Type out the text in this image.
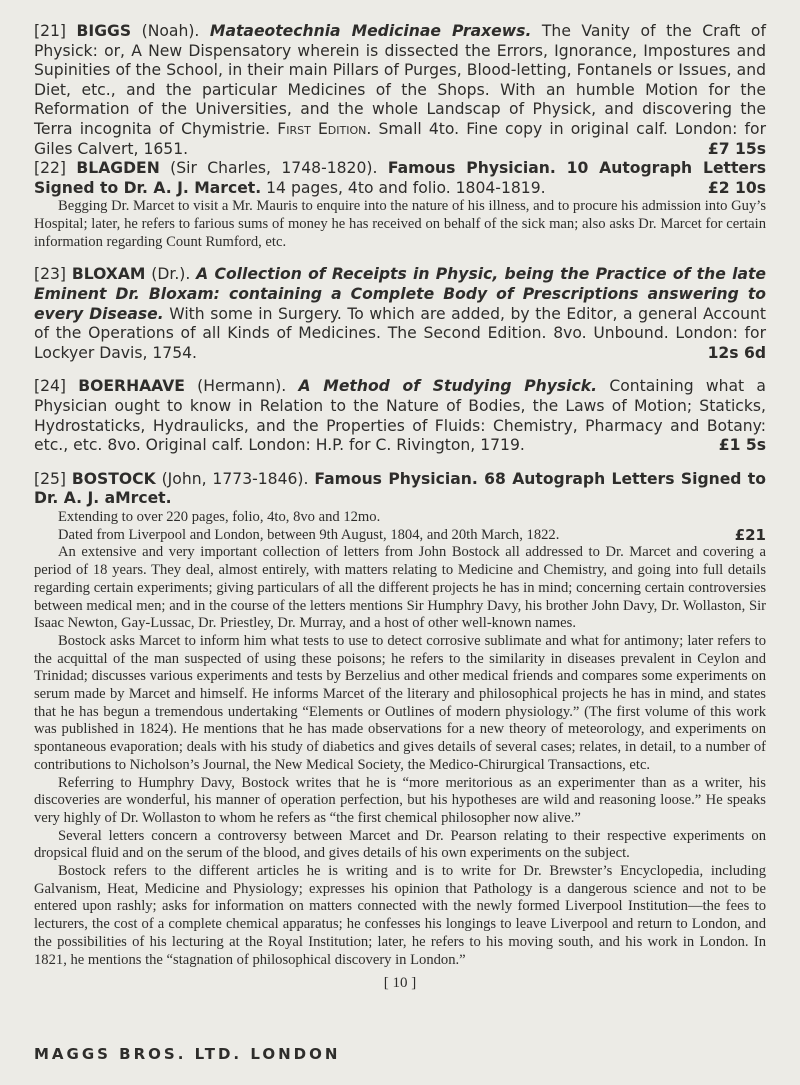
[21] BIGGS (Noah). Mataeotechnia Medicinae Praxews. The Vanity of the Craft of Physick: or, A New Dispensatory wherein is dissected the Errors, Ignorance, Impostures and Supinities of the School, in their main Pillars of Purges, Blood-letting, Fontanels or Issues, and Diet, etc., and the particular Medicines of the Shops. With an humble Motion for the Reformation of the Universities, and the whole Landscap of Physick, and discovering the Terra incognita of Chymistrie. First Edition. Small 4to. Fine copy in original calf. London: for Giles Calvert, 1651.	£7 15s

[22] BLAGDEN (Sir Charles, 1748-1820). Famous Physician. 10 Autograph Letters Signed to Dr. A. J. Marcet. 14 pages, 4to and folio. 1804-1819.	£2 10s

Begging Dr. Marcet to visit a Mr. Mauris to enquire into the nature of his illness, and to procure his admission into Guy’s Hospital; later, he refers to farious sums of money he has received on behalf of the sick man; also asks Dr. Marcet for certain information regarding Count Rumford, etc.

[23] BLOXAM (Dr.). A Collection of Receipts in Physic, being the Practice of the late Eminent Dr. Bloxam: containing a Complete Body of Prescriptions answering to every Disease. With some in Surgery. To which are added, by the Editor, a general Account of the Operations of all Kinds of Medicines. The Second Edition. 8vo. Unbound. London: for Lockyer Davis, 1754.	12s 6d

[24] BOERHAAVE (Hermann). A Method of Studying Physick. Containing what a Physician ought to know in Relation to the Nature of Bodies, the Laws of Motion; Staticks, Hydrostaticks, Hydraulicks, and the Properties of Fluids: Chemistry, Pharmacy and Botany: etc., etc. 8vo. Original calf. London: H.P. for C. Rivington, 1719.	£1 5s

[25] BOSTOCK (John, 1773-1846). Famous Physician. 68 Autograph Letters Signed to Dr. A. J. aMrcet.

Extending to over 220 pages, folio, 4to, 8vo and 12mo.

Dated from Liverpool and London, between 9th August, 1804, and 20th March, 1822.	£21

An extensive and very important collection of letters from John Bostock all addressed to Dr. Marcet and covering a period of 18 years. They deal, almost entirely, with matters relating to Medicine and Chemistry, and going into full details regarding certain experiments; giving particulars of all the different projects he has in mind; concerning certain controversies between medical men; and in the course of the letters mentions Sir Humphry Davy, his brother John Davy, Dr. Wollaston, Sir Isaac Newton, Gay-Lussac, Dr. Priestley, Dr. Murray, and a host of other well-known names.

Bostock asks Marcet to inform him what tests to use to detect corrosive sublimate and what for antimony; later refers to the acquittal of the man suspected of using these poisons; he refers to the similarity in diseases prevalent in Ceylon and Trinidad; discusses various experiments and tests by Berzelius and other medical friends and compares some experiments on serum made by Marcet and himself. He informs Marcet of the literary and philosophical projects he has in mind, and states that he has begun a tremendous undertaking “Elements or Outlines of modern physiology.” (The first volume of this work was published in 1824). He mentions that he has made observations for a new theory of meteorology, and experiments on spontaneous evaporation; deals with his study of diabetics and gives details of several cases; relates, in detail, to a number of contributions to Nicholson’s Journal, the New Medical Society, the Medico-Chirurgical Transactions, etc.

Referring to Humphry Davy, Bostock writes that he is “more meritorious as an experimenter than as a writer, his discoveries are wonderful, his manner of operation perfection, but his hypotheses are wild and reasoning loose.” He speaks very highly of Dr. Wollaston to whom he refers as “the first chemical philosopher now alive.”

Several letters concern a controversy between Marcet and Dr. Pearson relating to their respective experiments on dropsical fluid and on the serum of the blood, and gives details of his own experiments on the subject.

Bostock refers to the different articles he is writing and is to write for Dr. Brewster’s Encyclopedia, including Galvanism, Heat, Medicine and Physiology; expresses his opinion that Pathology is a dangerous science and not to be entered upon rashly; asks for information on matters connected with the newly formed Liverpool Institution—the fees to lecturers, the cost of a complete chemical apparatus; he confesses his longings to leave Liverpool and return to London, and the possibilities of his lecturing at the Royal Institution; later, he refers to his moving south, and his work in London. In 1821, he mentions the “stagnation of philosophical discovery in London.”

[ 10 ]
MAGGS BROS. LTD. LONDON
